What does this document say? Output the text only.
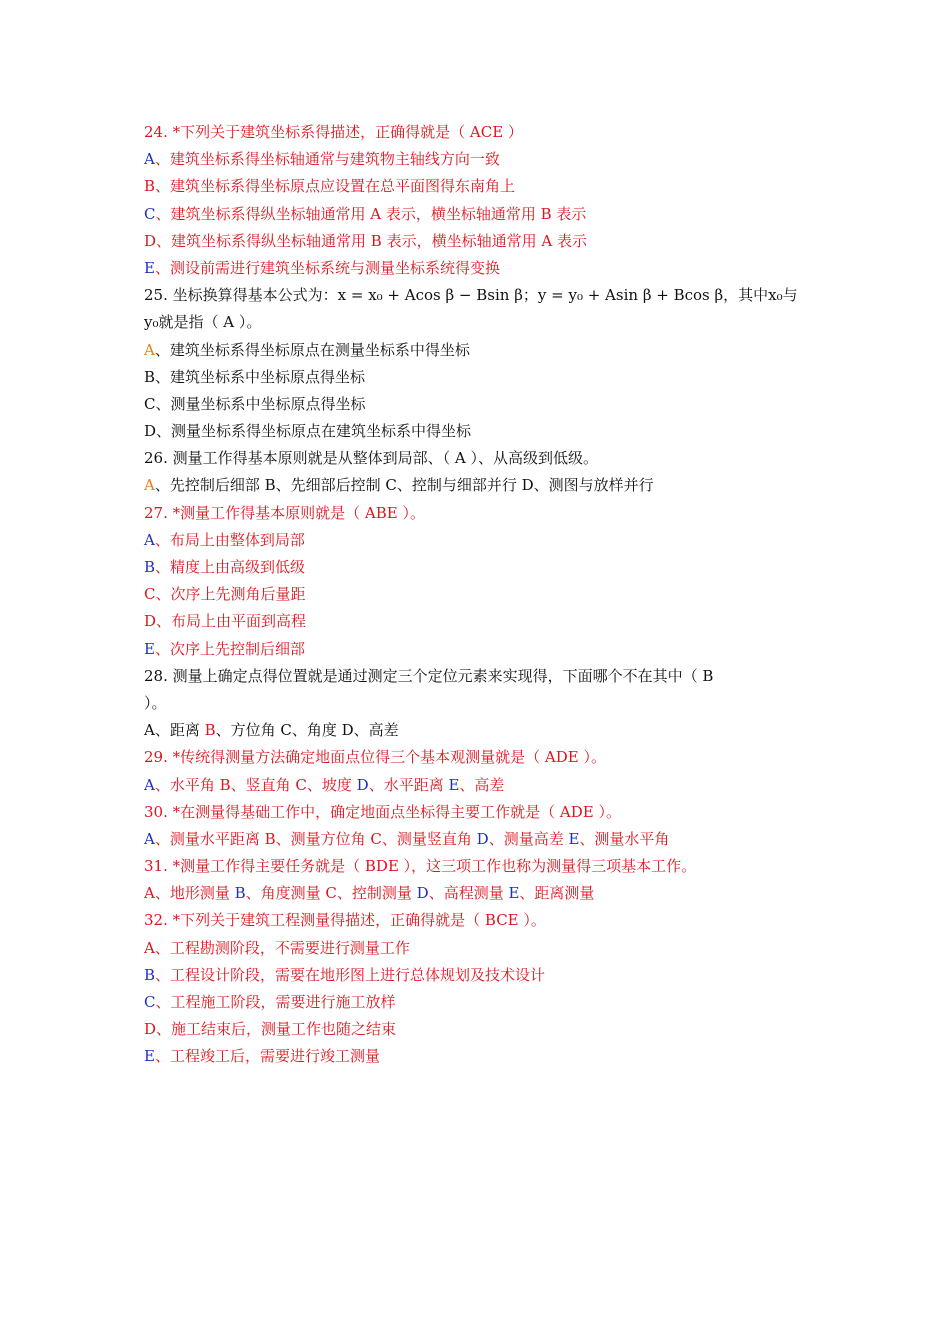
24. *下列关于建筑坐标系得描述，正确得就是（ ACE ）
A、建筑坐标系得坐标轴通常与建筑物主轴线方向一致
B、建筑坐标系得坐标原点应设置在总平面图得东南角上
C、建筑坐标系得纵坐标轴通常用 A 表示，横坐标轴通常用 B 表示
D、建筑坐标系得纵坐标轴通常用 B 表示，横坐标轴通常用 A 表示
E、测设前需进行建筑坐标系统与测量坐标系统得变换
25. 坐标换算得基本公式为：x = x₀ + Acos β − Bsin β；y = y₀ + Asin β + Bcos β，其中x₀与
y₀就是指（ A ）。
A、建筑坐标系得坐标原点在测量坐标系中得坐标
B、建筑坐标系中坐标原点得坐标
C、测量坐标系中坐标原点得坐标
D、测量坐标系得坐标原点在建筑坐标系中得坐标
26. 测量工作得基本原则就是从整体到局部、（ A ）、从高级到低级。
A、先控制后细部 B、先细部后控制 C、控制与细部并行 D、测图与放样并行
27. *测量工作得基本原则就是（ ABE ）。
A、布局上由整体到局部
B、精度上由高级到低级
C、次序上先测角后量距
D、布局上由平面到高程
E、次序上先控制后细部
28. 测量上确定点得位置就是通过测定三个定位元素来实现得，下面哪个不在其中（ B
）。
A、距离 B、方位角 C、角度 D、高差
29. *传统得测量方法确定地面点位得三个基本观测量就是（ ADE ）。
A、水平角 B、竖直角 C、坡度 D、水平距离 E、高差
30. *在测量得基础工作中，确定地面点坐标得主要工作就是（ ADE ）。
A、测量水平距离 B、测量方位角 C、测量竖直角 D、测量高差 E、测量水平角
31. *测量工作得主要任务就是（ BDE ），这三项工作也称为测量得三项基本工作。
A、地形测量 B、角度测量 C、控制测量 D、高程测量 E、距离测量
32. *下列关于建筑工程测量得描述，正确得就是（ BCE ）。
A、工程勘测阶段，不需要进行测量工作
B、工程设计阶段，需要在地形图上进行总体规划及技术设计
C、工程施工阶段，需要进行施工放样
D、施工结束后，测量工作也随之结束
E、工程竣工后，需要进行竣工测量
